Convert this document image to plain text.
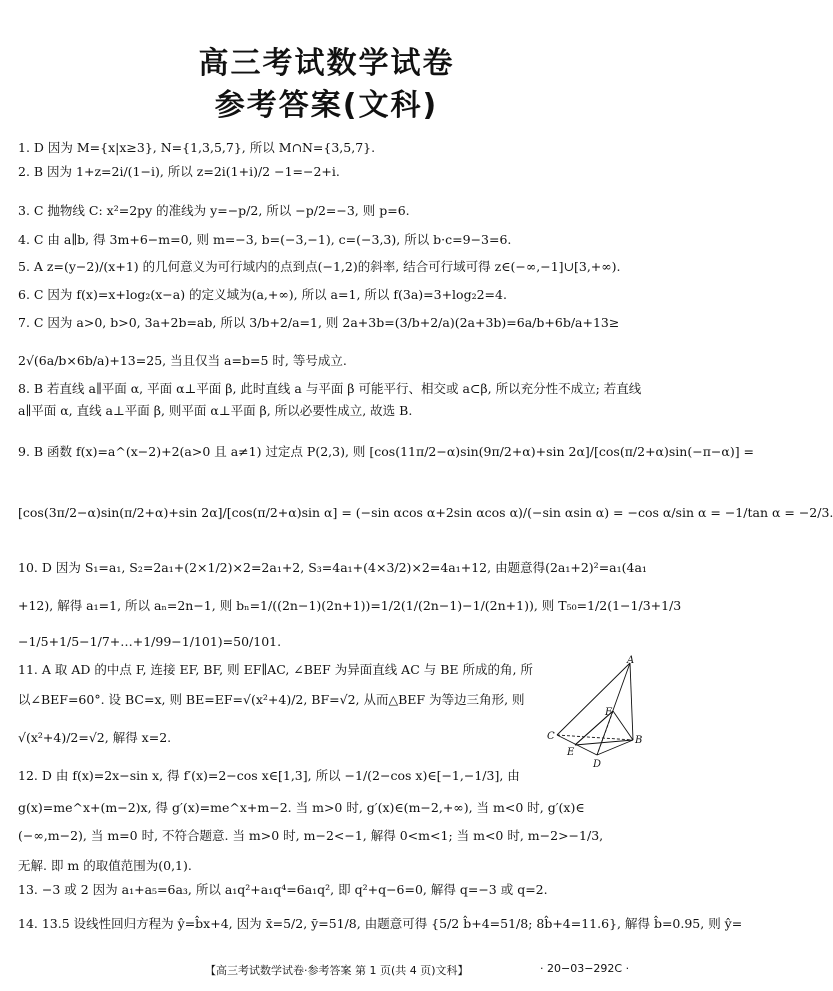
高三考试数学试卷
参考答案(文科)
1. D 因为 M={x|x≥3}, N={1,3,5,7}, 所以 M∩N={3,5,7}.
2. B 因为 1+z=2i/(1−i), 所以 z=2i(1+i)/2 −1=−2+i.
3. C 抛物线 C: x²=2py 的准线为 y=−p/2, 所以 −p/2=−3, 则 p=6.
4. C 由 a∥b, 得 3m+6−m=0, 则 m=−3, b=(−3,−1), c=(−3,3), 所以 b·c=9−3=6.
5. A z=(y−2)/(x+1) 的几何意义为可行域内的点到点(−1,2)的斜率, 结合可行域可得 z∈(−∞,−1]∪[3,+∞).
6. C 因为 f(x)=x+log₂(x−a) 的定义域为(a,+∞), 所以 a=1, 所以 f(3a)=3+log₂2=4.
7. C 因为 a>0, b>0, 3a+2b=ab, 所以 3/b+2/a=1, 则 2a+3b=(3/b+2/a)(2a+3b)=6a/b+6b/a+13≥
2√(6a/b×6b/a)+13=25, 当且仅当 a=b=5 时, 等号成立.
8. B 若直线 a∥平面 α, 平面 α⊥平面 β, 此时直线 a 与平面 β 可能平行、相交或 a⊂β, 所以充分性不成立; 若直线
a∥平面 α, 直线 a⊥平面 β, 则平面 α⊥平面 β, 所以必要性成立, 故选 B.
9. B 函数 f(x)=a^(x−2)+2(a>0 且 a≠1) 过定点 P(2,3), 则 [cos(11π/2−α)sin(9π/2+α)+sin 2α]/[cos(π/2+α)sin(−π−α)] =
[cos(3π/2−α)sin(π/2+α)+sin 2α]/[cos(π/2+α)sin α] = (−sin αcos α+2sin αcos α)/(−sin αsin α) = −cos α/sin α = −1/tan α = −2/3.
10. D 因为 S₁=a₁, S₂=2a₁+(2×1/2)×2=2a₁+2, S₃=4a₁+(4×3/2)×2=4a₁+12, 由题意得(2a₁+2)²=a₁(4a₁
+12), 解得 a₁=1, 所以 aₙ=2n−1, 则 bₙ=1/((2n−1)(2n+1))=1/2(1/(2n−1)−1/(2n+1)), 则 T₅₀=1/2(1−1/3+1/3
−1/5+1/5−1/7+…+1/99−1/101)=50/101.
11. A 取 AD 的中点 F, 连接 EF, BF, 则 EF∥AC, ∠BEF 为异面直线 AC 与 BE 所成的角, 所
以∠BEF=60°. 设 BC=x, 则 BE=EF=√(x²+4)/2, BF=√2, 从而△BEF 为等边三角形, 则
√(x²+4)/2=√2, 解得 x=2.
12. D 由 f(x)=2x−sin x, 得 f′(x)=2−cos x∈[1,3], 所以 −1/(2−cos x)∈[−1,−1/3], 由
g(x)=me^x+(m−2)x, 得 g′(x)=me^x+m−2. 当 m>0 时, g′(x)∈(m−2,+∞), 当 m<0 时, g′(x)∈
(−∞,m−2), 当 m=0 时, 不符合题意. 当 m>0 时, m−2<−1, 解得 0<m<1; 当 m<0 时, m−2>−1/3,
无解. 即 m 的取值范围为(0,1).
13. −3 或 2 因为 a₁+a₅=6a₃, 所以 a₁q²+a₁q⁴=6a₁q², 即 q²+q−6=0, 解得 q=−3 或 q=2.
14. 13.5 设线性回归方程为 ŷ=b̂x+4, 因为 x̄=5/2, ȳ=51/8, 由题意可得 {5/2 b̂+4=51/8; 8b̂+4=11.6}, 解得 b̂=0.95, 则 ŷ=
A
F
C
E
B
D
【高三考试数学试卷·参考答案 第 1 页(共 4 页)文科】	· 20−03−292C ·
